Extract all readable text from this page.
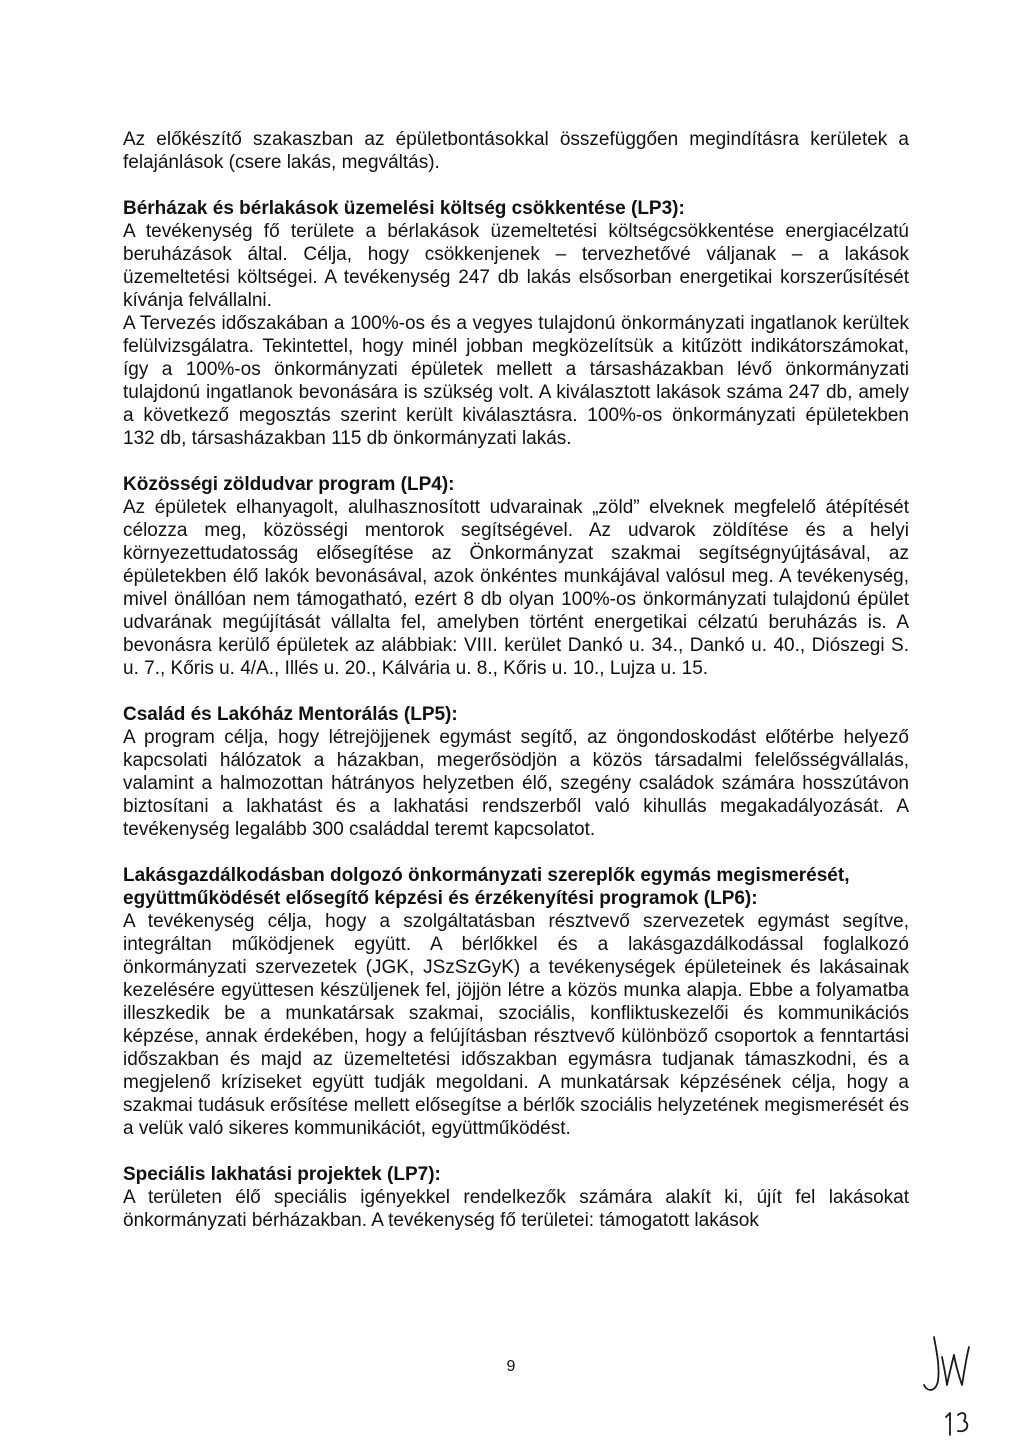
Az előkészítő szakaszban az épületbontásokkal összefüggően megindításra kerületek a felajánlások (csere lakás, megváltás).

Bérházak és bérlakások üzemelési költség csökkentése (LP3):

A tevékenység fő területe a bérlakások üzemeltetési költségcsökkentése energiacélzatú beruházások által. Célja, hogy csökkenjenek – tervezhetővé váljanak – a lakások üzemeltetési költségei. A tevékenység 247 db lakás elsősorban energetikai korszerűsítését kívánja felvállalni.

A Tervezés időszakában a 100%-os és a vegyes tulajdonú önkormányzati ingatlanok kerültek felülvizsgálatra. Tekintettel, hogy minél jobban megközelítsük a kitűzött indikátorszámokat, így a 100%-os önkormányzati épületek mellett a társasházakban lévő önkormányzati tulajdonú ingatlanok bevonására is szükség volt. A kiválasztott lakások száma 247 db, amely a következő megosztás szerint került kiválasztásra. 100%-os önkormányzati épületekben 132 db, társasházakban 115 db önkormányzati lakás.

Közösségi zöldudvar program (LP4):

Az épületek elhanyagolt, alulhasznosított udvarainak „zöld” elveknek megfelelő átépítését célozza meg, közösségi mentorok segítségével. Az udvarok zöldítése és a helyi környezettudatosság elősegítése az Önkormányzat szakmai segítségnyújtásával, az épületekben élő lakók bevonásával, azok önkéntes munkájával valósul meg. A tevékenység, mivel önállóan nem támogatható, ezért 8 db olyan 100%-os önkormányzati tulajdonú épület udvarának megújítását vállalta fel, amelyben történt energetikai célzatú beruházás is. A bevonásra kerülő épületek az alábbiak: VIII. kerület Dankó u. 34., Dankó u. 40., Diószegi S. u. 7., Kőris u. 4/A., Illés u. 20., Kálvária u. 8., Kőris u. 10., Lujza u. 15.

Család és Lakóház Mentorálás (LP5):

A program célja, hogy létrejöjjenek egymást segítő, az öngondoskodást előtérbe helyező kapcsolati hálózatok a házakban, megerősödjön a közös társadalmi felelősségvállalás, valamint a halmozottan hátrányos helyzetben élő, szegény családok számára hosszútávon biztosítani a lakhatást és a lakhatási rendszerből való kihullás megakadályozását. A tevékenység legalább 300 családdal teremt kapcsolatot.

Lakásgazdálkodásban dolgozó önkormányzati szereplők egymás megismerését, együttműködését elősegítő képzési és érzékenyítési programok (LP6):

A tevékenység célja, hogy a szolgáltatásban résztvevő szervezetek egymást segítve, integráltan működjenek együtt. A bérlőkkel és a lakásgazdálkodással foglalkozó önkormányzati szervezetek (JGK, JSzSzGyK) a tevékenységek épületeinek és lakásainak kezelésére együttesen készüljenek fel, jöjjön létre a közös munka alapja. Ebbe a folyamatba illeszkedik be a munkatársak szakmai, szociális, konfliktuskezelői és kommunikációs képzése, annak érdekében, hogy a felújításban résztvevő különböző csoportok a fenntartási időszakban és majd az üzemeltetési időszakban egymásra tudjanak támaszkodni, és a megjelenő kríziseket együtt tudják megoldani. A munkatársak képzésének célja, hogy a szakmai tudásuk erősítése mellett elősegítse a bérlők szociális helyzetének megismerését és a velük való sikeres kommunikációt, együttműködést.

Speciális lakhatási projektek (LP7):

A területen élő speciális igényekkel rendelkezők számára alakít ki, újít fel lakásokat önkormányzati bérházakban. A tevékenység fő területei: támogatott lakások

9
